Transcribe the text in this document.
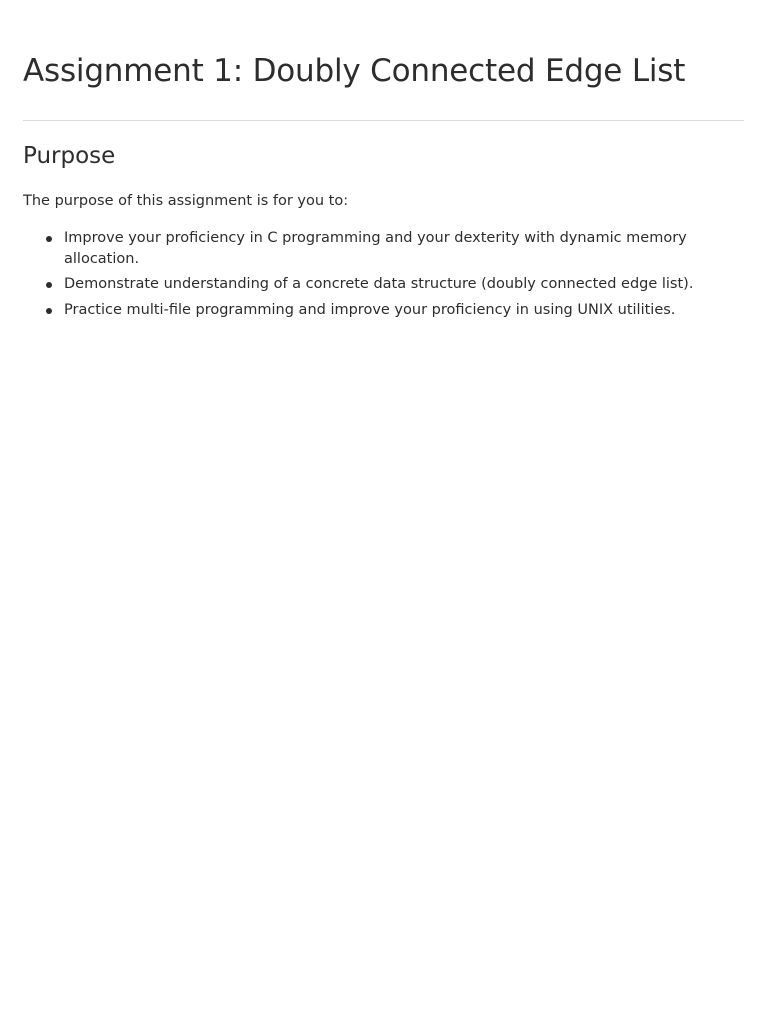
Assignment 1: Doubly Connected Edge List
Purpose

The purpose of this assignment is for you to:

Improve your proficiency in C programming and your dexterity with dynamic memory allocation.
Demonstrate understanding of a concrete data structure (doubly connected edge list).
Practice multi-file programming and improve your proficiency in using UNIX utilities.
